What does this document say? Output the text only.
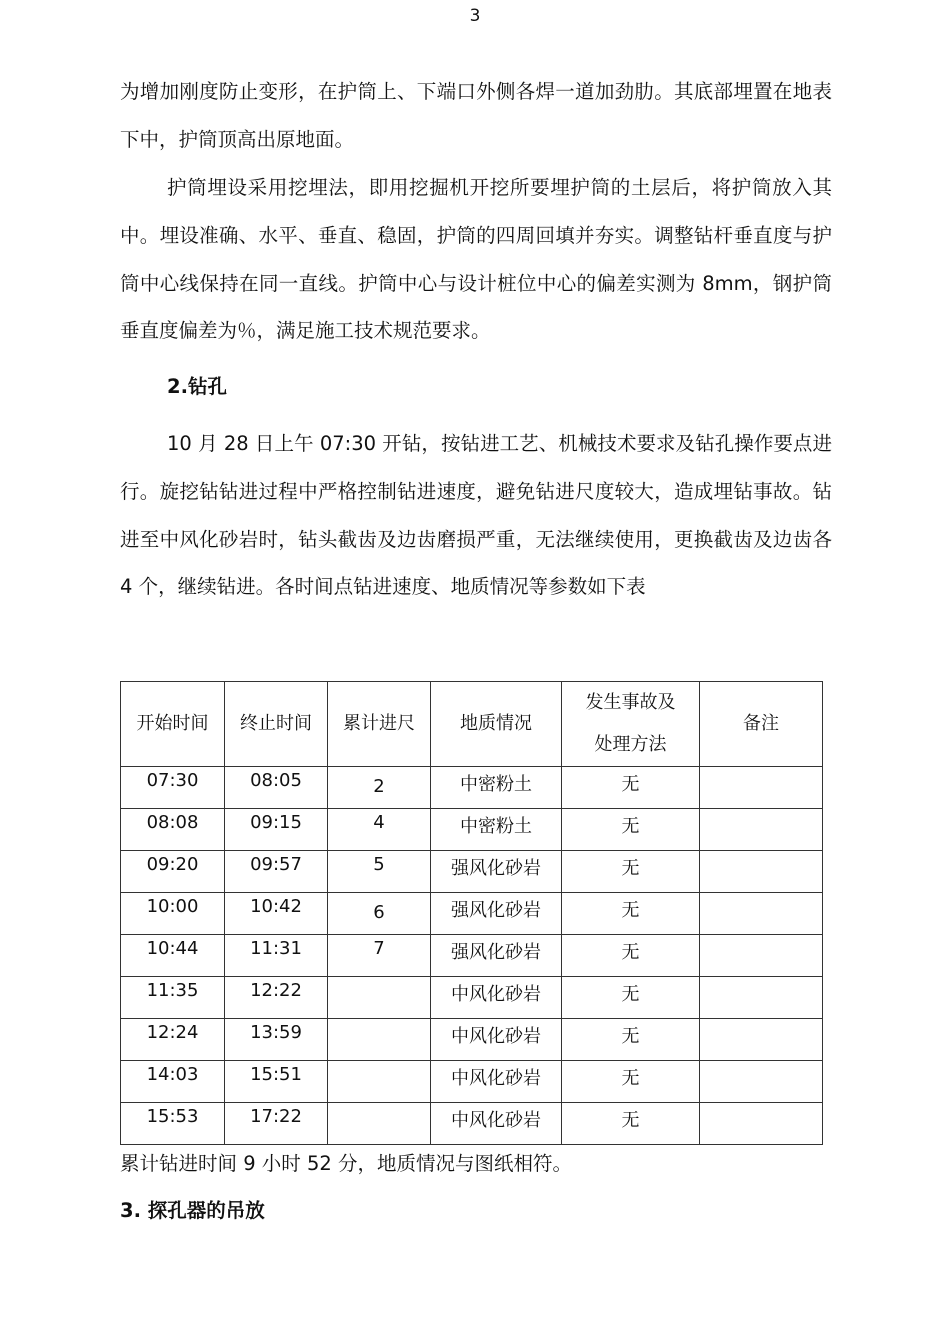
3

为增加刚度防止变形，在护筒上、下端口外侧各焊一道加劲肋。其底部埋置在地表下中，护筒顶高出原地面。

护筒埋设采用挖埋法，即用挖掘机开挖所要埋护筒的土层后，将护筒放入其中。埋设准确、水平、垂直、稳固，护筒的四周回填并夯实。调整钻杆垂直度与护筒中心线保持在同一直线。护筒中心与设计桩位中心的偏差实测为 8mm，钢护筒垂直度偏差为％，满足施工技术规范要求。

2.钻孔

10 月 28 日上午 07:30 开钻，按钻进工艺、机械技术要求及钻孔操作要点进行。旋挖钻钻进过程中严格控制钻进速度，避免钻进尺度较大，造成埋钻事故。钻进至中风化砂岩时，钻头截齿及边齿磨损严重，无法继续使用，更换截齿及边齿各 4 个，继续钻进。各时间点钻进速度、地质情况等参数如下表

开始时间	终止时间	累计进尺	地质情况	发生事故及处理方法	备注
07:30	08:05	2	中密粉土	无	
08:08	09:15	4	中密粉土	无	
09:20	09:57	5	强风化砂岩	无	
10:00	10:42	6	强风化砂岩	无	
10:44	11:31	7	强风化砂岩	无	
11:35	12:22		中风化砂岩	无	
12:24	13:59		中风化砂岩	无	
14:03	15:51		中风化砂岩	无	
15:53	17:22		中风化砂岩	无	

累计钻进时间 9 小时 52 分，地质情况与图纸相符。

3. 探孔器的吊放
